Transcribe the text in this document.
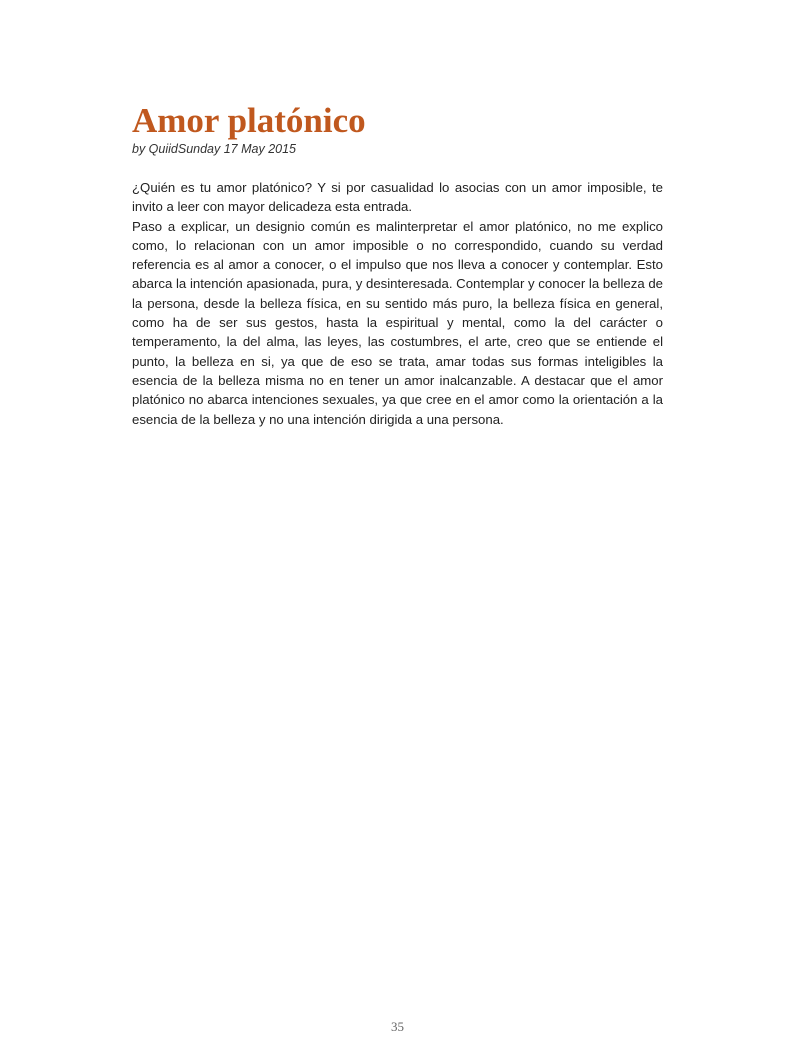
Amor platónico
by QuiidSunday 17 May 2015

¿Quién es tu amor platónico? Y si por casualidad lo asocias con un amor imposible, te invito a leer con mayor delicadeza esta entrada.

Paso a explicar, un designio común es malinterpretar el amor platónico, no me explico como, lo relacionan con un amor imposible o no correspondido, cuando su verdad referencia es al amor a conocer, o el impulso que nos lleva a conocer y contemplar. Esto abarca la intención apasionada, pura, y desinteresada. Contemplar y conocer la belleza de la persona, desde la belleza física, en su sentido más puro, la belleza física en general, como ha de ser sus gestos, hasta la espiritual y mental, como la del carácter o temperamento, la del alma, las leyes, las costumbres, el arte, creo que se entiende el punto, la belleza en si, ya que de eso se trata, amar todas sus formas inteligibles la esencia de la belleza misma no en tener un amor inalcanzable. A destacar que el amor platónico no abarca intenciones sexuales, ya que cree en el amor como la orientación a la esencia de la belleza y no una intención dirigida a una persona.

35
